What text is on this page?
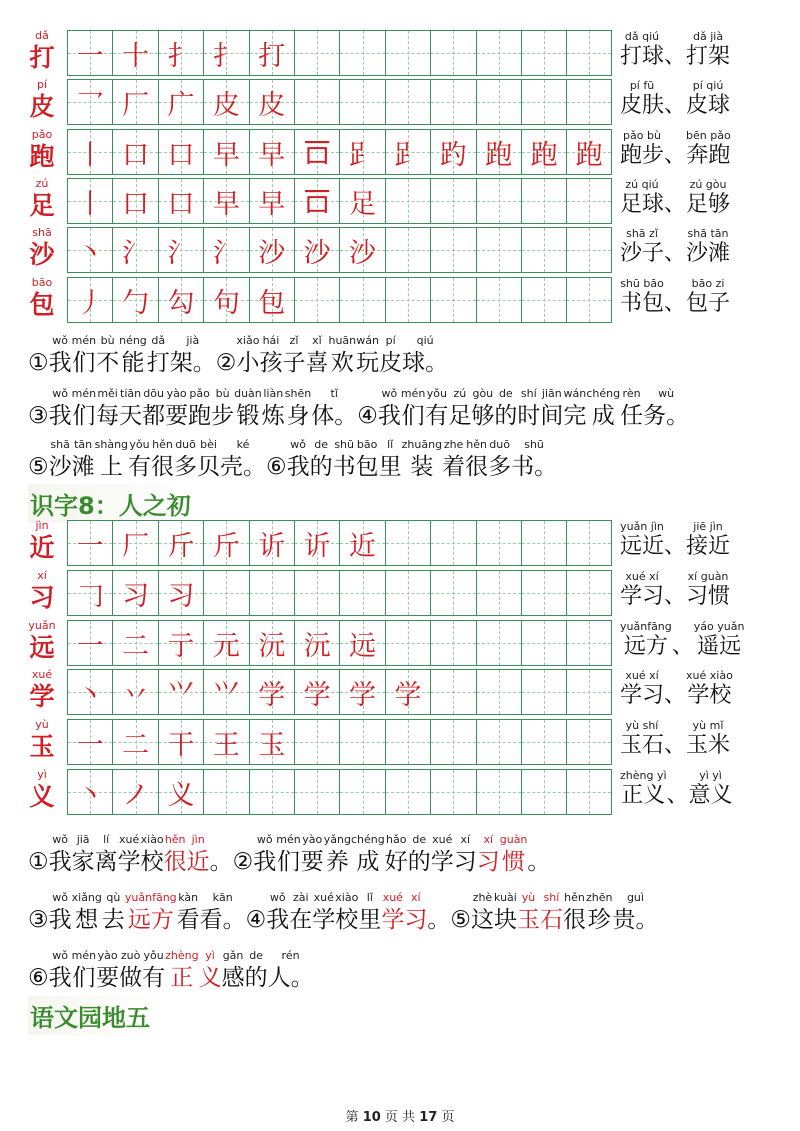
dǎ
打 一 十 扌 扌 打
dǎ qiú
打球 、
dǎ jià
打架
pí
皮 乛 厂 广 皮 皮
pí fū
皮肤 、
pí qiú
皮球
pǎo
跑 丨 口 口 早 早 𠮛 𧾷 𧾷 趵 跑 跑 跑
pǎo bù
跑步 、
bēn pǎo
奔跑
zú
足 丨 口 口 早 早 𠮛 足
zú qiú
足球 、
zú gòu
足够
shā
沙 丶 氵 氵 氵 沙 沙 沙
shā zǐ
沙子 、
shā tān
沙滩
bāo
包 丿 勹 勾 句 包
shū bāo
书包 、
bāo zi
包子
①
wǒ
我
mén
们
bù
不
néng
能
dǎ
打
jià
架。 ②
xiǎo
小
hái
孩
zǐ
子
xǐ
喜
huān
欢
wán
玩
pí
皮
qiú
球。
③
wǒ
我
mén
们
měi
每
tiān
天
dōu
都
yào
要
pǎo
跑
bù
步
duàn
锻
liàn
炼
shēn
身
tǐ
体。 ④
wǒ
我
mén
们
yǒu
有
zú
足
gòu
够
de
的
shí
时
jiān
间
wán
完
chéng
成
rèn
任
wù
务。
⑤
shā
沙
tān
滩
shàng
上
yǒu
有
hěn
很
duō
多
bèi
贝
ké
壳。 ⑥
wǒ
我
de
的
shū
书
bāo
包
lǐ
里
zhuāng
装
zhe
着
hěn
很
duō
多
shū
书。
识字8：人之初
jìn
近 一 厂 斤 斤 䜣 䜣 近
yuǎn jìn
远近 、
jiē jìn
接近
xí
习 𠃌 习 习
xué xí
学习 、
xí guàn
习惯
yuǎn
远 一 二 亍 元 沅 沅 远
yuǎnfāng
远方 、
yáo yuǎn
遥远
xué
学 丶 丷 ⺍ ⺍ 学 学 学 学
xué xí
学习 、
xué xiào
学校
yù
玉 一 二 干 王 玉
yù shí
玉石 、
yù mǐ
玉米
yì
义 丶 ノ 义
zhèng yì
正义 、
yì yì
意义
①
wǒ
我
jiā
家
lí
离
xué
学
xiào
校
hěn
很
jìn
近 。 ②
wǒ
我
mén
们
yào
要
yǎng
养
chéng
成
hǎo
好
de
的
xué
学
xí
习
xí
习
guàn
惯 。
③
wǒ
我
xiǎng
想
qù
去
yuǎnfāng
远方
kàn
看
kān
看。 ④
wǒ
我
zài
在
xué
学
xiào
校
lǐ
里
xué
学
xí
习 。 ⑤
zhè
这
kuài
块
yù
玉
shí
石
hěn
很
zhēn
珍
guì
贵。
⑥
wǒ
我
mén
们
yào
要
zuò
做
yǒu
有
zhèng
正
yì
义
gǎn
感
de
的
rén
人。
语文园地五
第 10 页 共 17 页
